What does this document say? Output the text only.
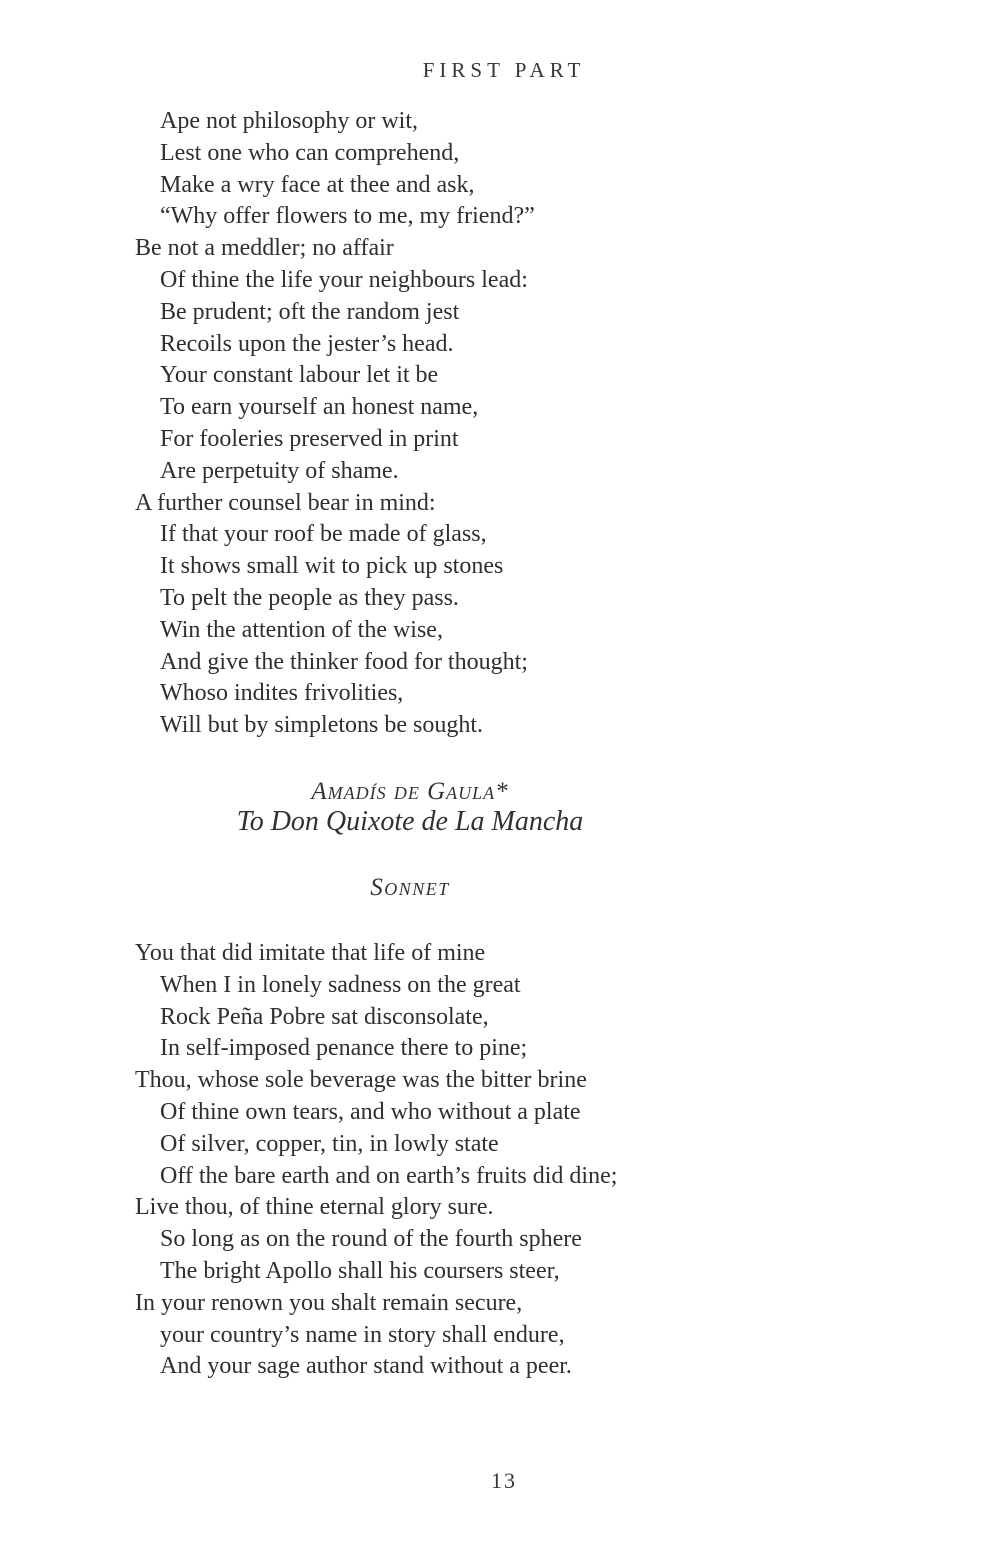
FIRST PART
Ape not philosophy or wit,
Lest one who can comprehend,
Make a wry face at thee and ask,
“Why offer flowers to me, my friend?”
Be not a meddler; no affair
Of thine the life your neighbours lead:
Be prudent; oft the random jest
Recoils upon the jester’s head.
Your constant labour let it be
To earn yourself an honest name,
For fooleries preserved in print
Are perpetuity of shame.
A further counsel bear in mind:
If that your roof be made of glass,
It shows small wit to pick up stones
To pelt the people as they pass.
Win the attention of the wise,
And give the thinker food for thought;
Whoso indites frivolities,
Will but by simpletons be sought.
Amadís de Gaula*
To Don Quixote de La Mancha
Sonnet
You that did imitate that life of mine
When I in lonely sadness on the great
Rock Peña Pobre sat disconsolate,
In self-imposed penance there to pine;
Thou, whose sole beverage was the bitter brine
Of thine own tears, and who without a plate
Of silver, copper, tin, in lowly state
Off the bare earth and on earth’s fruits did dine;
Live thou, of thine eternal glory sure.
So long as on the round of the fourth sphere
The bright Apollo shall his coursers steer,
In your renown you shalt remain secure,
your country’s name in story shall endure,
And your sage author stand without a peer.
13
